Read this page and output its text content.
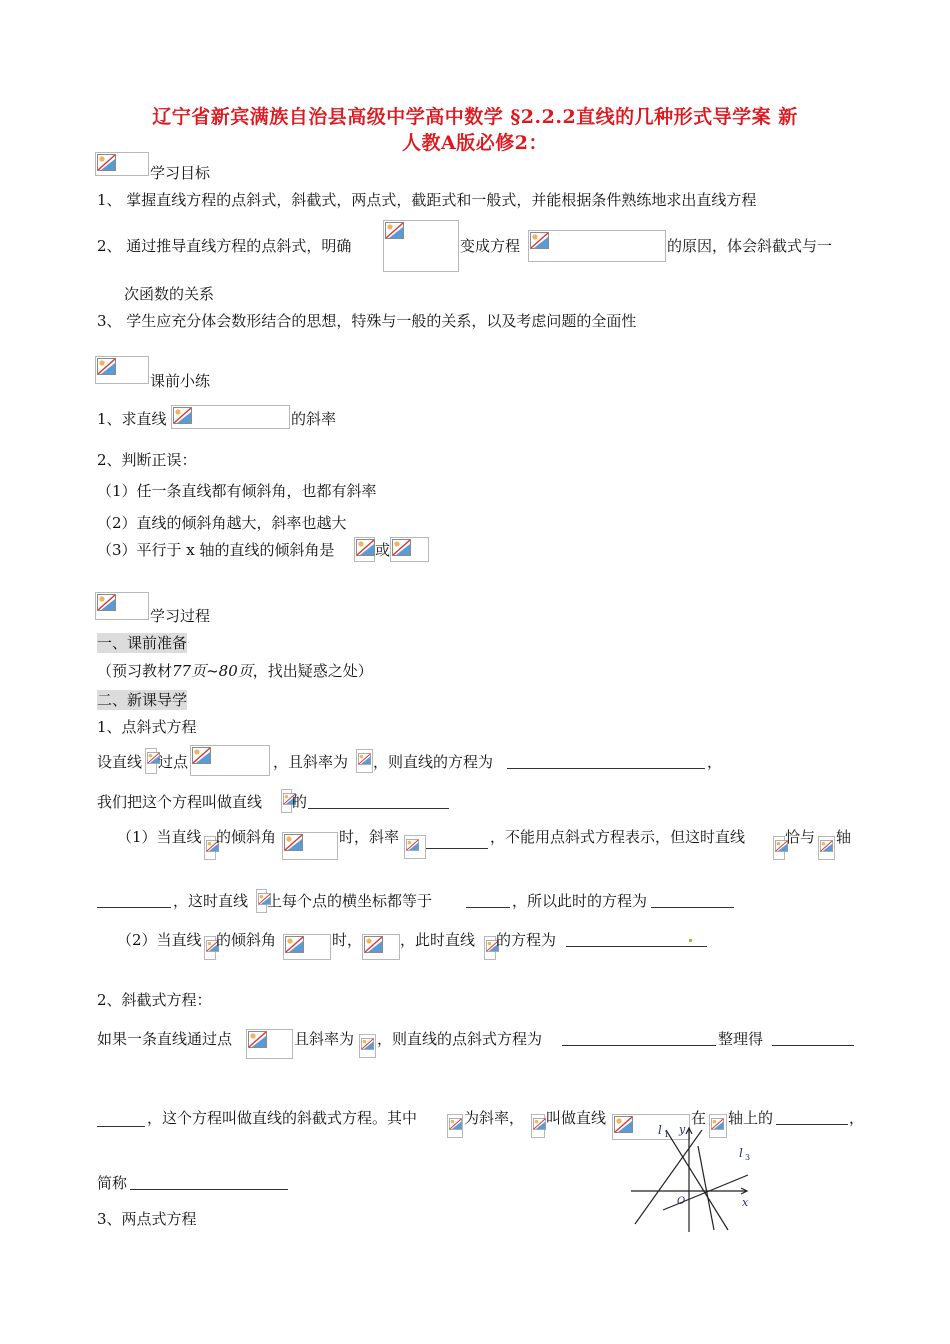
辽宁省新宾满族自治县高级中学高中数学 §2.2.2直线的几种形式导学案 新
人教A版必修2：
学习目标
1、 掌握直线方程的点斜式，斜截式，两点式，截距式和一般式，并能根据条件熟练地求出直线方程
2、 通过推导直线方程的点斜式，明确	变成方程	的原因，体会斜截式与一
次函数的关系
3、 学生应充分体会数形结合的思想，特殊与一般的关系，以及考虑问题的全面性
课前小练
1、求直线	的斜率
2、判断正误：
（1）任一条直线都有倾斜角，也都有斜率
（2）直线的倾斜角越大，斜率也越大
（3）平行于 x 轴的直线的倾斜角是	或
学习过程
一、课前准备
（预习教材77页~80页，找出疑惑之处）
二、新课导学
1、点斜式方程
设直线 过点	，且斜率为 ，则直线的方程为	，
我们把这个方程叫做直线 的
（1）当直线 的倾斜角	时，斜率	，不能用点斜式方程表示，但这时直线	恰与 轴
，这时直线 上每个点的横坐标都等于	，所以此时的方程为
（2）当直线 的倾斜角	时，	，此时直线 的方程为
2、斜截式方程：
如果一条直线通过点	且斜率为 ，则直线的点斜式方程为	整理得
，这个方程叫做直线的斜截式方程。其中	为斜率， 叫做直线	在 轴上的	，
简称
3、两点式方程
l 1 y
l 3
x
O
